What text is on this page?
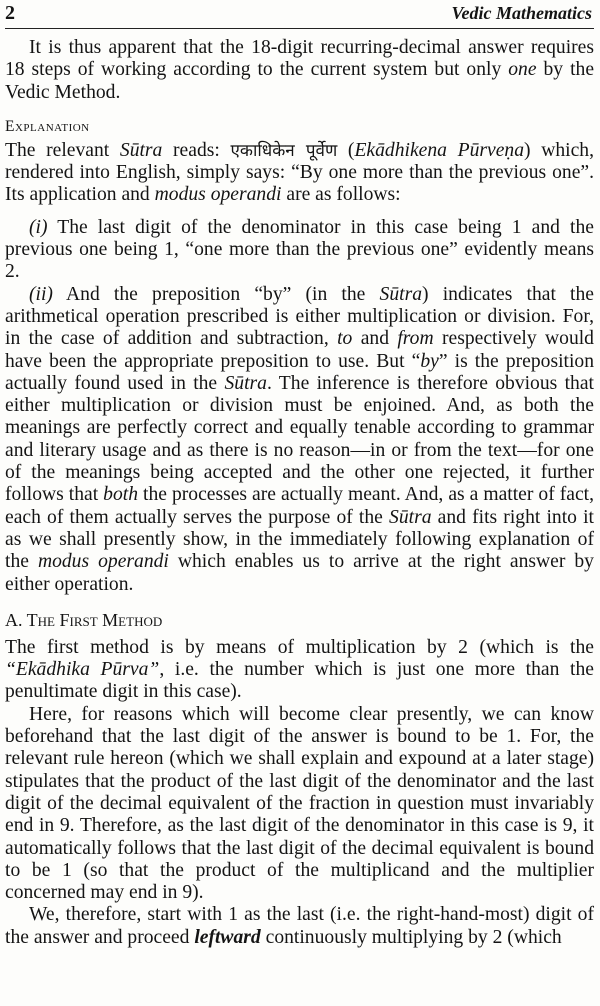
2	Vedic Mathematics

It is thus apparent that the 18-digit recurring-decimal answer requires 18 steps of working according to the current system but only one by the Vedic Method.

Explanation

The relevant Sūtra reads: एकाधिकेन पूर्वेण (Ekādhikena Pūrveṇa) which, rendered into English, simply says: “By one more than the previous one”. Its application and modus operandi are as follows:

(i) The last digit of the denominator in this case being 1 and the previous one being 1, “one more than the previous one” evidently means 2.

(ii) And the preposition “by” (in the Sūtra) indicates that the arithmetical operation prescribed is either multiplication or division. For, in the case of addition and subtraction, to and from respectively would have been the appropriate preposition to use. But “by” is the preposition actually found used in the Sūtra. The inference is therefore obvious that either multiplication or division must be enjoined. And, as both the meanings are perfectly correct and equally tenable according to grammar and literary usage and as there is no reason—in or from the text—for one of the meanings being accepted and the other one rejected, it further follows that both the processes are actually meant. And, as a matter of fact, each of them actually serves the purpose of the Sūtra and fits right into it as we shall presently show, in the immediately following explanation of the modus operandi which enables us to arrive at the right answer by either operation.

A. The First Method

The first method is by means of multiplication by 2 (which is the “Ekādhika Pūrva”, i.e. the number which is just one more than the penultimate digit in this case).

Here, for reasons which will become clear presently, we can know beforehand that the last digit of the answer is bound to be 1. For, the relevant rule hereon (which we shall explain and expound at a later stage) stipulates that the product of the last digit of the denominator and the last digit of the decimal equivalent of the fraction in question must invariably end in 9. Therefore, as the last digit of the denominator in this case is 9, it automatically follows that the last digit of the decimal equivalent is bound to be 1 (so that the product of the multiplicand and the multiplier concerned may end in 9).

We, therefore, start with 1 as the last (i.e. the right-hand-most) digit of the answer and proceed leftward continuously multiplying by 2 (which
